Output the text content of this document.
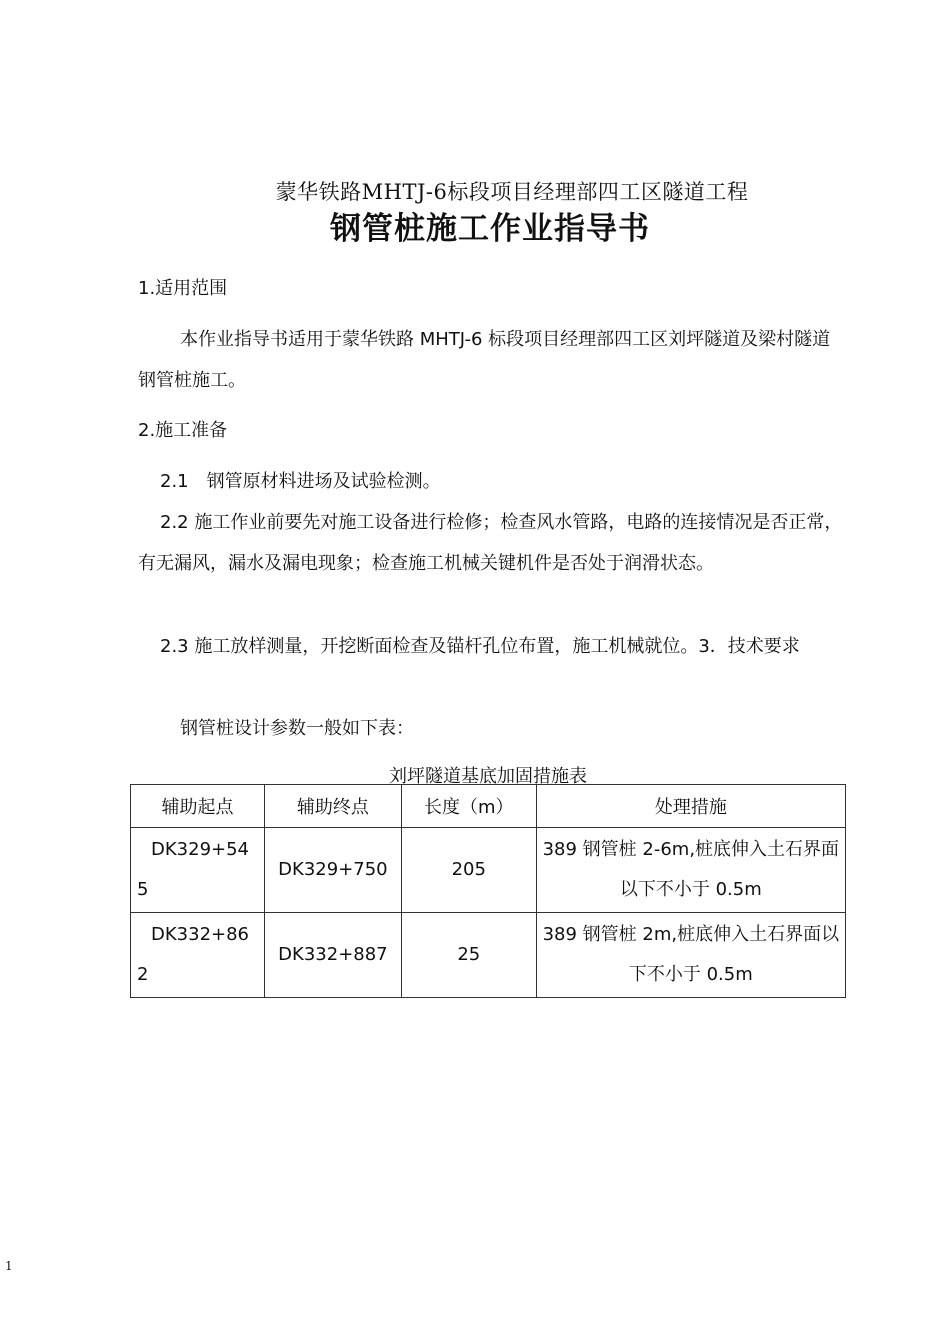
蒙华铁路MHTJ-6标段项目经理部四工区隧道工程
钢管桩施工作业指导书
1.适用范围
本作业指导书适用于蒙华铁路 MHTJ-6 标段项目经理部四工区刘坪隧道及梁村隧道钢管桩施工。
2.施工准备
2.1　钢管原材料进场及试验检测。
2.2 施工作业前要先对施工设备进行检修；检查风水管路，电路的连接情况是否正常，有无漏风，漏水及漏电现象；检查施工机械关键机件是否处于润滑状态。
2.3 施工放样测量，开挖断面检查及锚杆孔位布置，施工机械就位。3．技术要求
钢管桩设计参数一般如下表：
刘坪隧道基底加固措施表
辅助起点	辅助终点	长度（m）	处理措施

DK329+54
5	DK329+750	205	389 钢管桩 2-6m,桩底伸入土石界面以下不小于 0.5m

DK332+86
2	DK332+887	25	389 钢管桩 2m,桩底伸入土石界面以下不小于 0.5m
1
